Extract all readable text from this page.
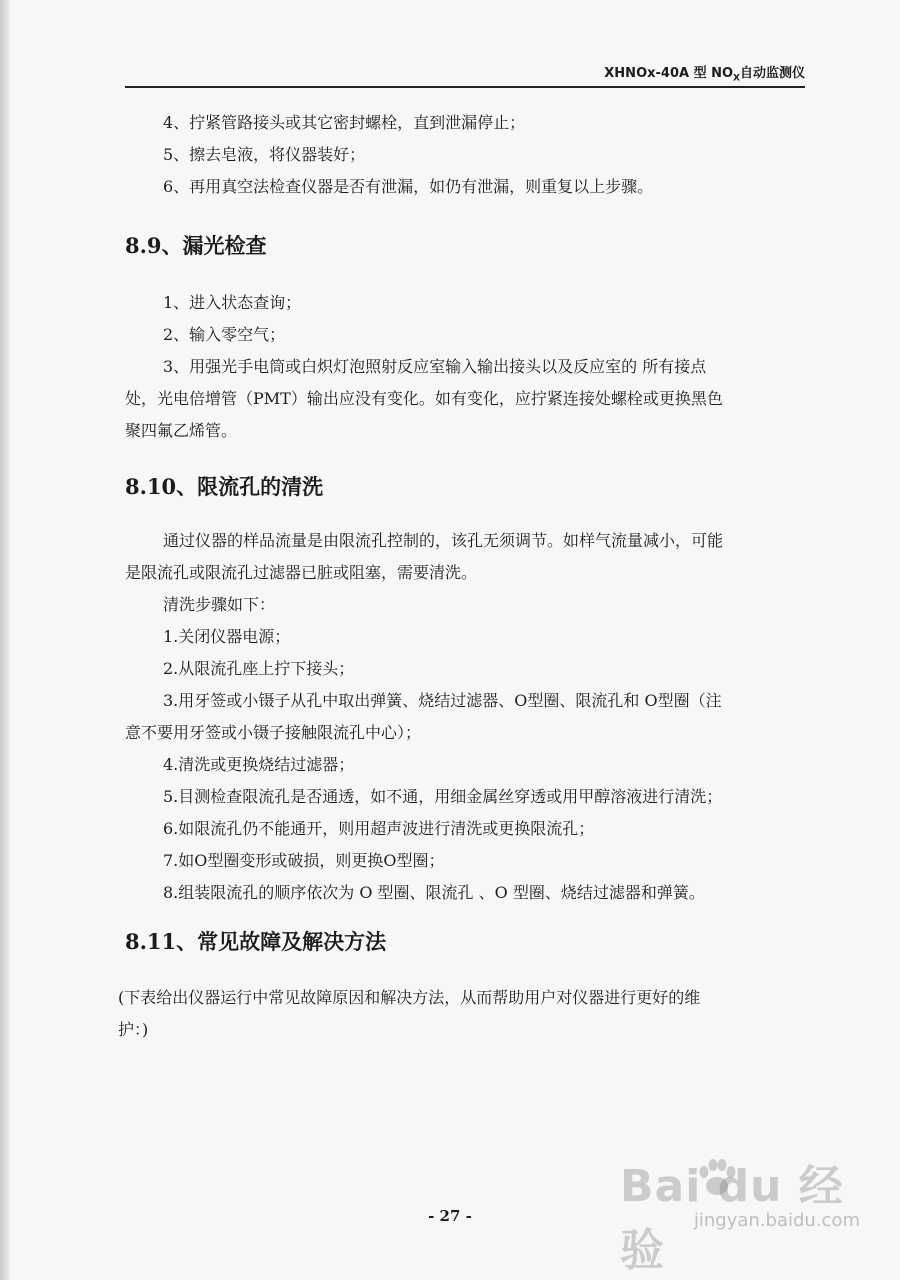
XHNOx-40A 型 $NO_X$自动监测仪
4、拧紧管路接头或其它密封螺栓，直到泄漏停止；
5、擦去皂液，将仪器装好；
6、再用真空法检查仪器是否有泄漏，如仍有泄漏，则重复以上步骤。
8.9、漏光检查
1、进入状态查询；
2、输入零空气；
3、用强光手电筒或白炽灯泡照射反应室输入输出接头以及反应室的 所有接点
处，光电倍增管（PMT）输出应没有变化。如有变化，应拧紧连接处螺栓或更换黑色
聚四氟乙烯管。
8.10、限流孔的清洗
通过仪器的样品流量是由限流孔控制的，该孔无须调节。如样气流量减小，可能
是限流孔或限流孔过滤器已脏或阻塞，需要清洗。
清洗步骤如下：
1.关闭仪器电源；
2.从限流孔座上拧下接头；
3.用牙签或小镊子从孔中取出弹簧、烧结过滤器、O型圈、限流孔和 O型圈（注
意不要用牙签或小镊子接触限流孔中心）；
4.清洗或更换烧结过滤器；
5.目测检查限流孔是否通透，如不通，用细金属丝穿透或用甲醇溶液进行清洗；
6.如限流孔仍不能通开，则用超声波进行清洗或更换限流孔；
7.如O型圈变形或破损，则更换O型圈；
8.组装限流孔的顺序依次为 O 型圈、限流孔 、O 型圈、烧结过滤器和弹簧。
8.11、常见故障及解决方法
(下表给出仪器运行中常见故障原因和解决方法，从而帮助用户对仪器进行更好的维
护：)
- 27 -
Bai du 经验
jingyan.baidu.com
